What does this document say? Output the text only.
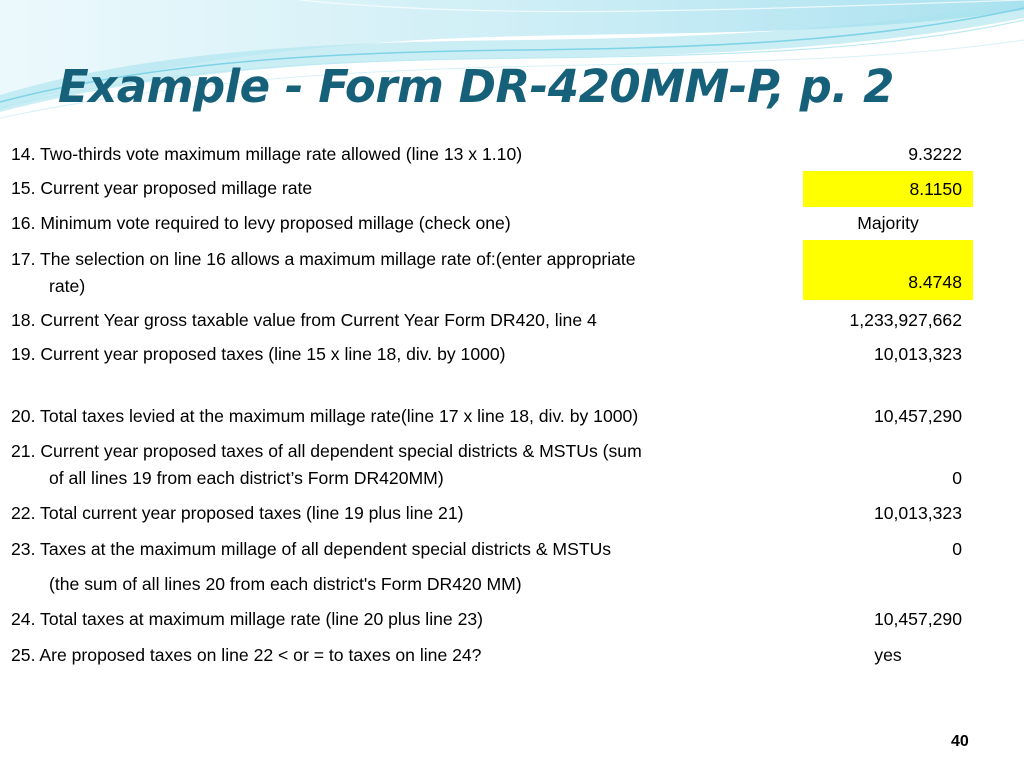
Example - Form DR-420MM-P, p. 2
14. Two-thirds vote maximum millage rate allowed (line 13 x 1.10)	9.3222
15. Current year proposed millage rate	8.1150
16. Minimum vote required to levy proposed millage (check one)	Majority
17. The selection on line 16 allows a maximum millage rate of:(enter appropriate
rate)	8.4748
18. Current Year gross taxable value from Current Year Form DR420, line 4	1,233,927,662
19. Current year proposed taxes (line 15 x line 18, div. by 1000)	10,013,323
20. Total taxes levied at the maximum millage rate(line 17 x line 18, div. by 1000)	10,457,290
21. Current year proposed taxes of all dependent special districts & MSTUs (sum
of all lines 19 from each district’s Form DR420MM)	0
22. Total current year proposed taxes (line 19 plus line 21)	10,013,323
23. Taxes at the maximum millage of all dependent special districts & MSTUs	0
(the sum of all lines 20 from each district's Form DR420 MM)
24. Total taxes at maximum millage rate (line 20 plus line 23)	10,457,290
25. Are proposed taxes on line 22 < or = to taxes on line 24?	yes
40
